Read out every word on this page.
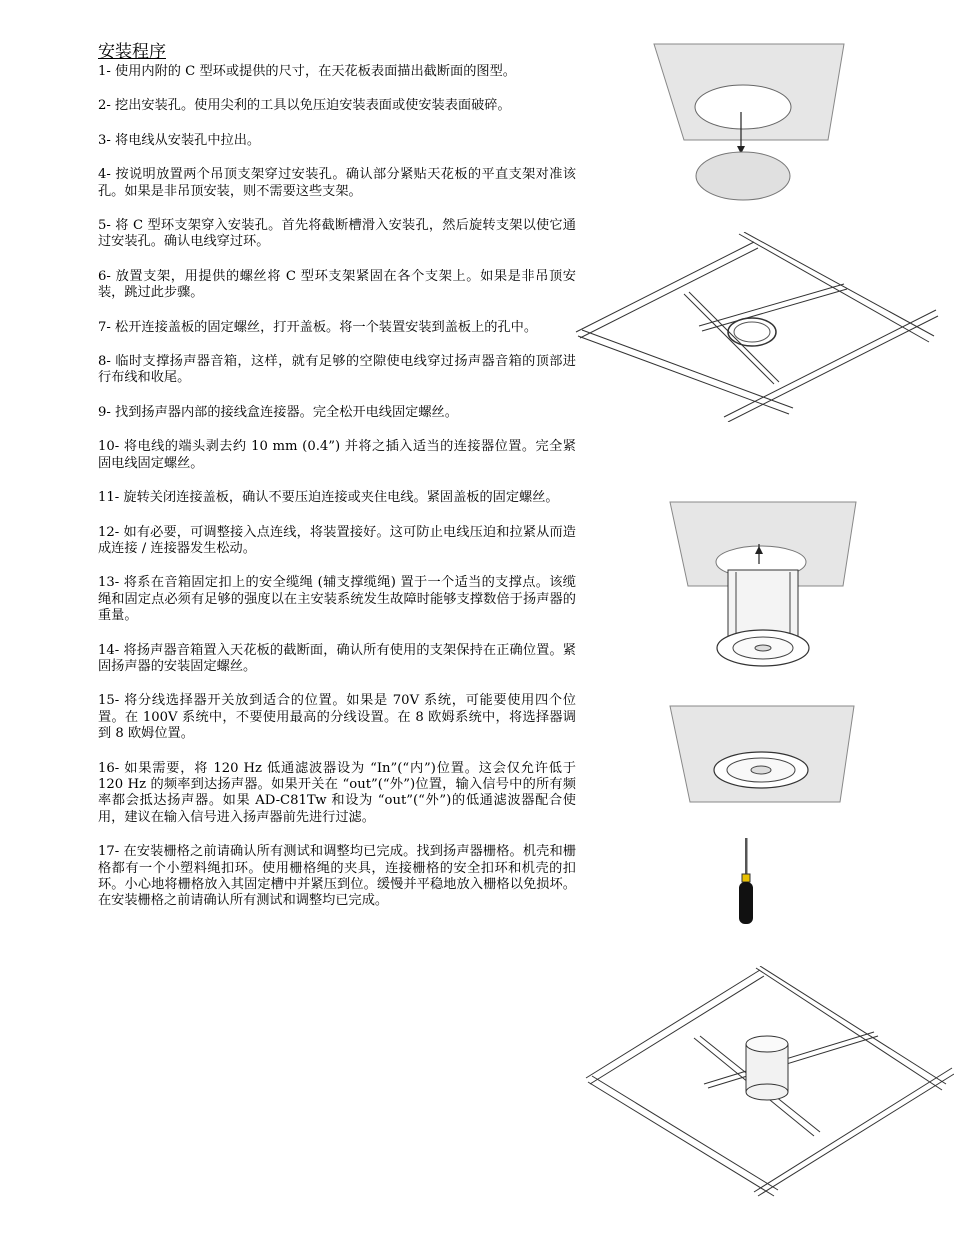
安装程序

1- 使用内附的 C 型环或提供的尺寸，在天花板表面描出截断面的图型。

2- 挖出安装孔。使用尖利的工具以免压迫安装表面或使安装表面破碎。

3- 将电线从安装孔中拉出。

4- 按说明放置两个吊顶支架穿过安装孔。确认部分紧贴天花板的平直支架对准该孔。如果是非吊顶安装，则不需要这些支架。

5- 将 C 型环支架穿入安装孔。首先将截断槽滑入安装孔，然后旋转支架以使它通过安装孔。确认电线穿过环。

6- 放置支架，用提供的螺丝将 C 型环支架紧固在各个支架上。如果是非吊顶安装，跳过此步骤。

7- 松开连接盖板的固定螺丝，打开盖板。将一个装置安装到盖板上的孔中。

8- 临时支撑扬声器音箱，这样，就有足够的空隙使电线穿过扬声器音箱的顶部进行布线和收尾。

9- 找到扬声器内部的接线盒连接器。完全松开电线固定螺丝。

10- 将电线的端头剥去约 10 mm (0.4”) 并将之插入适当的连接器位置。完全紧固电线固定螺丝。

11- 旋转关闭连接盖板，确认不要压迫连接或夹住电线。紧固盖板的固定螺丝。

12- 如有必要，可调整接入点连线，将装置接好。这可防止电线压迫和拉紧从而造成连接 / 连接器发生松动。

13- 将系在音箱固定扣上的安全缆绳 (辅支撑缆绳) 置于一个适当的支撑点。该缆绳和固定点必须有足够的强度以在主安装系统发生故障时能够支撑数倍于扬声器的重量。

14- 将扬声器音箱置入天花板的截断面，确认所有使用的支架保持在正确位置。紧固扬声器的安装固定螺丝。

15- 将分线选择器开关放到适合的位置。如果是 70V 系统，可能要使用四个位置。在 100V 系统中，不要使用最高的分线设置。在 8 欧姆系统中，将选择器调到 8 欧姆位置。

16- 如果需要，将 120 Hz 低通滤波器设为 “In”(“内”)位置。这会仅允许低于 120 Hz 的频率到达扬声器。如果开关在 “out”(“外”)位置，输入信号中的所有频率都会抵达扬声器。如果 AD-C81Tw 和设为 “out”(“外”)的低通滤波器配合使用，建议在输入信号进入扬声器前先进行过滤。

17- 在安装栅格之前请确认所有测试和调整均已完成。找到扬声器栅格。机壳和栅格都有一个小塑料绳扣环。使用栅格绳的夹具，连接栅格的安全扣环和机壳的扣环。小心地将栅格放入其固定槽中并紧压到位。缓慢并平稳地放入栅格以免损坏。在安装栅格之前请确认所有测试和调整均已完成。
